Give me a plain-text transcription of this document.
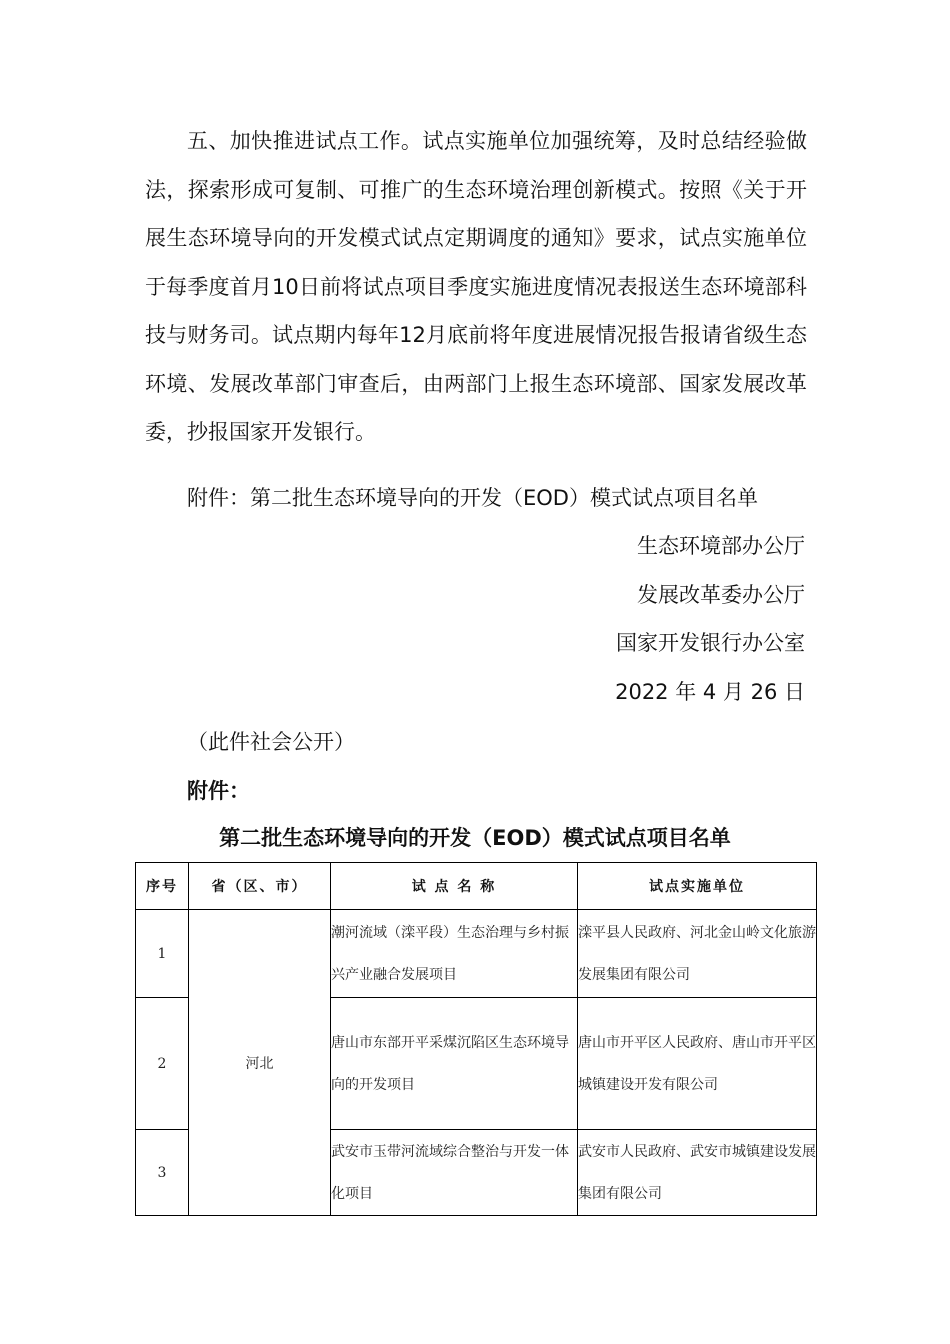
五、加快推进试点工作。试点实施单位加强统筹，及时总结经验做法，探索形成可复制、可推广的生态环境治理创新模式。按照《关于开展生态环境导向的开发模式试点定期调度的通知》要求，试点实施单位于每季度首月10日前将试点项目季度实施进度情况表报送生态环境部科技与财务司。试点期内每年12月底前将年度进展情况报告报请省级生态环境、发展改革部门审查后，由两部门上报生态环境部、国家发展改革委，抄报国家开发银行。

附件：第二批生态环境导向的开发（EOD）模式试点项目名单

生态环境部办公厅

发展改革委办公厅

国家开发银行办公室

2022 年 4 月 26 日

（此件社会公开）

附件：

第二批生态环境导向的开发（EOD）模式试点项目名单

序号	省（区、市）	试 点 名 称	试点实施单位
1	河北	潮河流域（滦平段）生态治理与乡村振兴产业融合发展项目	滦平县人民政府、河北金山岭文化旅游发展集团有限公司
2		唐山市东部开平采煤沉陷区生态环境导向的开发项目	唐山市开平区人民政府、唐山市开平区城镇建设开发有限公司
3		武安市玉带河流域综合整治与开发一体化项目	武安市人民政府、武安市城镇建设发展集团有限公司
